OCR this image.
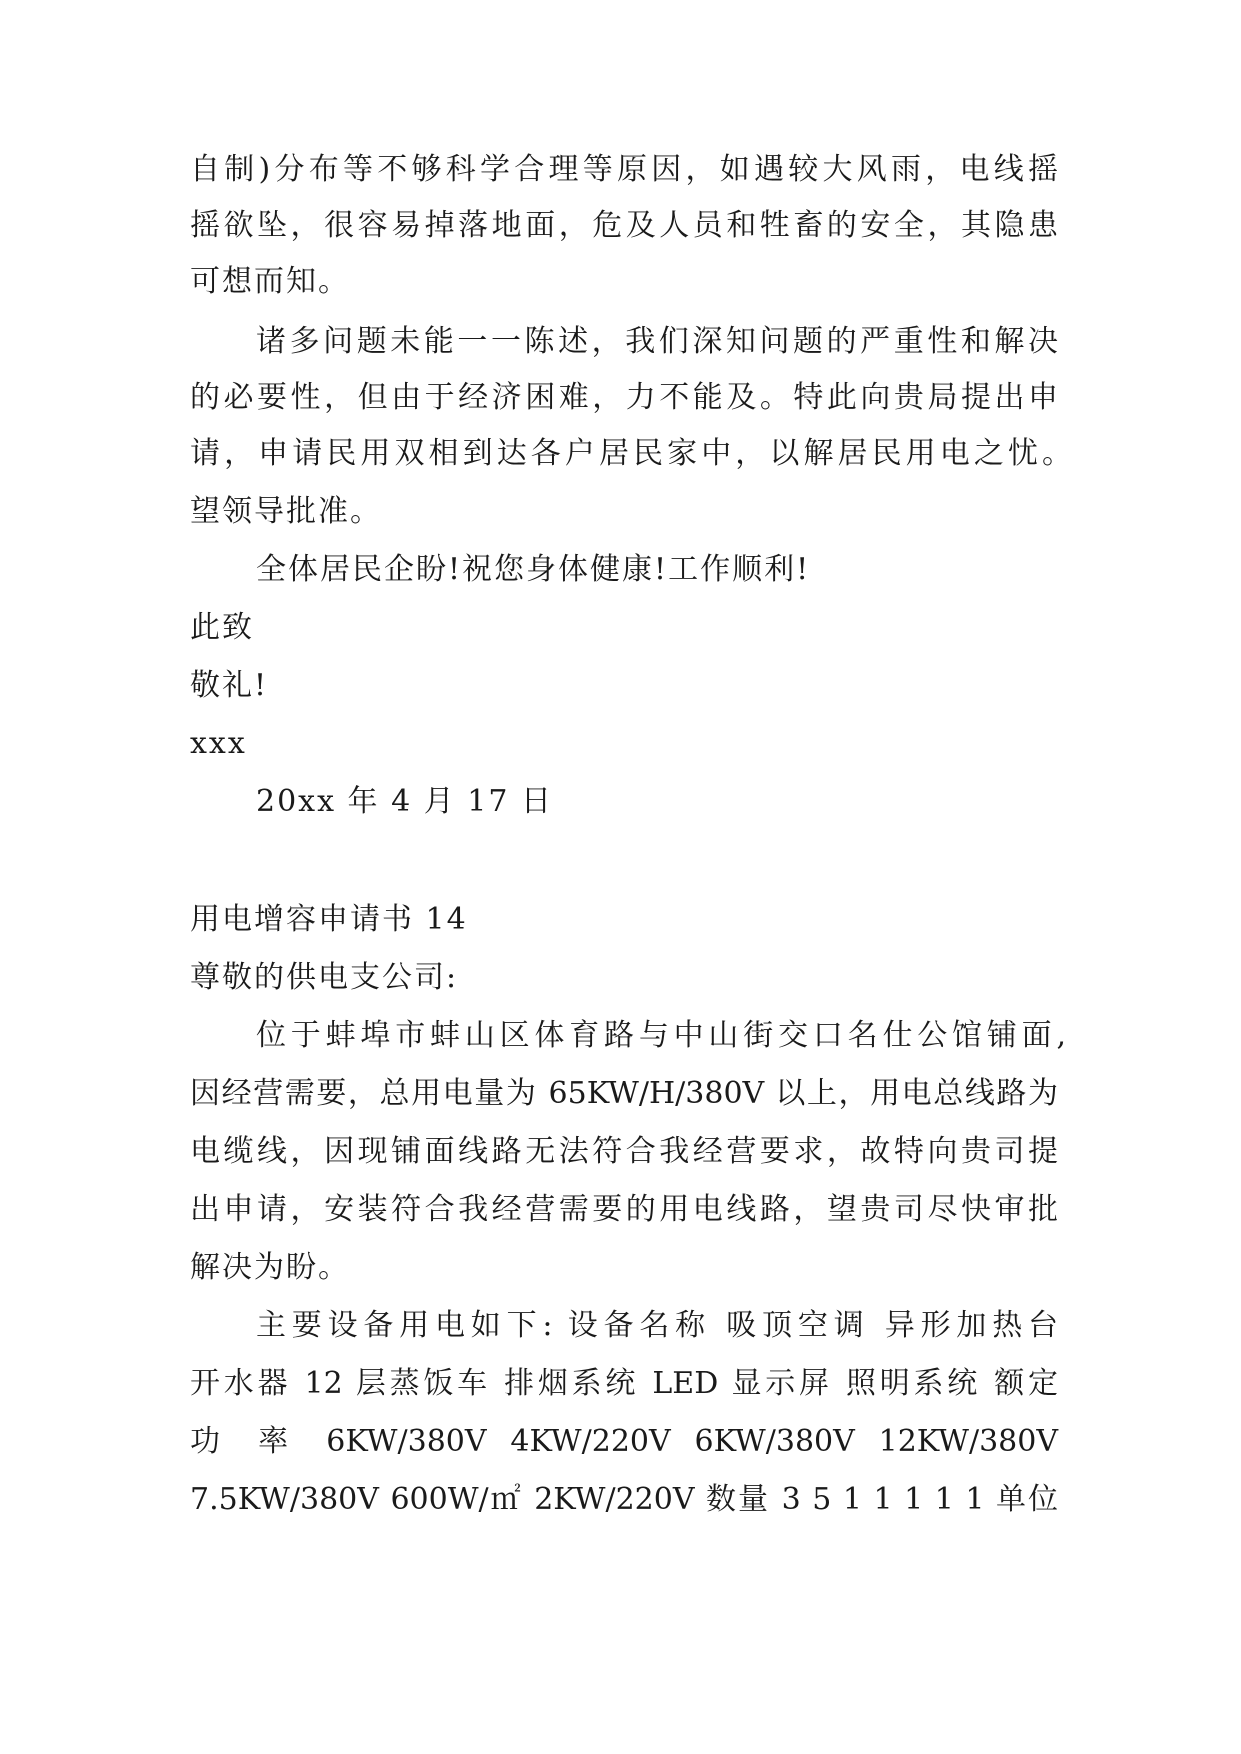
自制)分布等不够科学合理等原因，如遇较大风雨，电线摇
摇欲坠，很容易掉落地面，危及人员和牲畜的安全，其隐患
可想而知。
诸多问题未能一一陈述，我们深知问题的严重性和解决
的必要性，但由于经济困难，力不能及。特此向贵局提出申
请，申请民用双相到达各户居民家中，以解居民用电之忧。
望领导批准。
全体居民企盼!祝您身体健康!工作顺利!
此致
敬礼!
xxx
20xx 年 4 月 17 日
用电增容申请书 14
尊敬的供电支公司:
位于蚌埠市蚌山区体育路与中山街交口名仕公馆铺面,
因经营需要，总用电量为 65KW/H/380V 以上，用电总线路为
电缆线，因现铺面线路无法符合我经营要求，故特向贵司提
出申请，安装符合我经营需要的用电线路，望贵司尽快审批
解决为盼。
主要设备用电如下: 设备名称 吸顶空调 异形加热台
开水器 12 层蒸饭车 排烟系统 LED 显示屏 照明系统 额定
功 率 6KW/380V 4KW/220V 6KW/380V 12KW/380V
7.5KW/380V 600W/㎡ 2KW/220V 数量 3 5 1 1 1 1 1 单位
